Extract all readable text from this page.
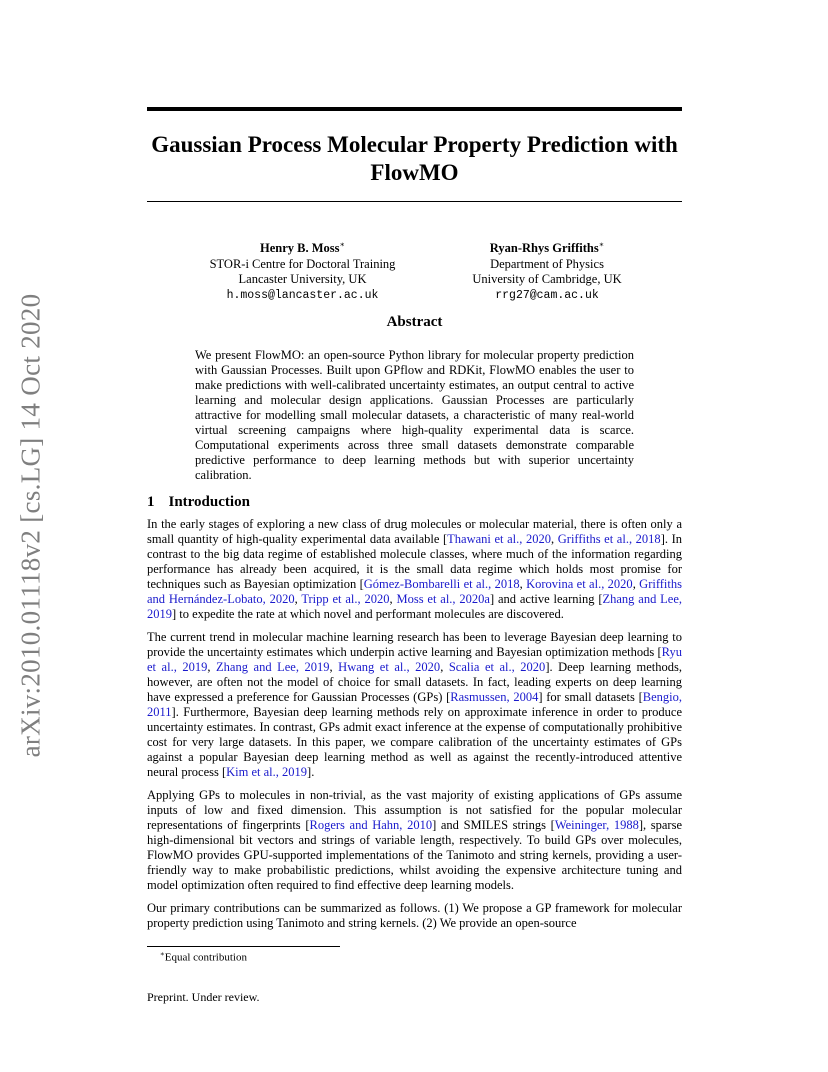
arXiv:2010.01118v2 [cs.LG] 14 Oct 2020
Gaussian Process Molecular Property Prediction with FlowMO
Henry B. Moss∗
STOR-i Centre for Doctoral Training
Lancaster University, UK
h.moss@lancaster.ac.uk
Ryan-Rhys Griffiths∗
Department of Physics
University of Cambridge, UK
rrg27@cam.ac.uk
Abstract
We present FlowMO: an open-source Python library for molecular property prediction with Gaussian Processes. Built upon GPflow and RDKit, FlowMO enables the user to make predictions with well-calibrated uncertainty estimates, an output central to active learning and molecular design applications. Gaussian Processes are particularly attractive for modelling small molecular datasets, a characteristic of many real-world virtual screening campaigns where high-quality experimental data is scarce. Computational experiments across three small datasets demonstrate comparable predictive performance to deep learning methods but with superior uncertainty calibration.
1 Introduction

In the early stages of exploring a new class of drug molecules or molecular material, there is often only a small quantity of high-quality experimental data available [Thawani et al., 2020, Griffiths et al., 2018]. In contrast to the big data regime of established molecule classes, where much of the information regarding performance has already been acquired, it is the small data regime which holds most promise for techniques such as Bayesian optimization [Gómez-Bombarelli et al., 2018, Korovina et al., 2020, Griffiths and Hernández-Lobato, 2020, Tripp et al., 2020, Moss et al., 2020a] and active learning [Zhang and Lee, 2019] to expedite the rate at which novel and performant molecules are discovered.

The current trend in molecular machine learning research has been to leverage Bayesian deep learning to provide the uncertainty estimates which underpin active learning and Bayesian optimization methods [Ryu et al., 2019, Zhang and Lee, 2019, Hwang et al., 2020, Scalia et al., 2020]. Deep learning methods, however, are often not the model of choice for small datasets. In fact, leading experts on deep learning have expressed a preference for Gaussian Processes (GPs) [Rasmussen, 2004] for small datasets [Bengio, 2011]. Furthermore, Bayesian deep learning methods rely on approximate inference in order to produce uncertainty estimates. In contrast, GPs admit exact inference at the expense of computationally prohibitive cost for very large datasets. In this paper, we compare calibration of the uncertainty estimates of GPs against a popular Bayesian deep learning method as well as against the recently-introduced attentive neural process [Kim et al., 2019].

Applying GPs to molecules in non-trivial, as the vast majority of existing applications of GPs assume inputs of low and fixed dimension. This assumption is not satisfied for the popular molecular representations of fingerprints [Rogers and Hahn, 2010] and SMILES strings [Weininger, 1988], sparse high-dimensional bit vectors and strings of variable length, respectively. To build GPs over molecules, FlowMO provides GPU-supported implementations of the Tanimoto and string kernels, providing a user-friendly way to make probabilistic predictions, whilst avoiding the expensive architecture tuning and model optimization often required to find effective deep learning models.

Our primary contributions can be summarized as follows. (1) We propose a GP framework for molecular property prediction using Tanimoto and string kernels. (2) We provide an open-source

∗Equal contribution
Preprint. Under review.
